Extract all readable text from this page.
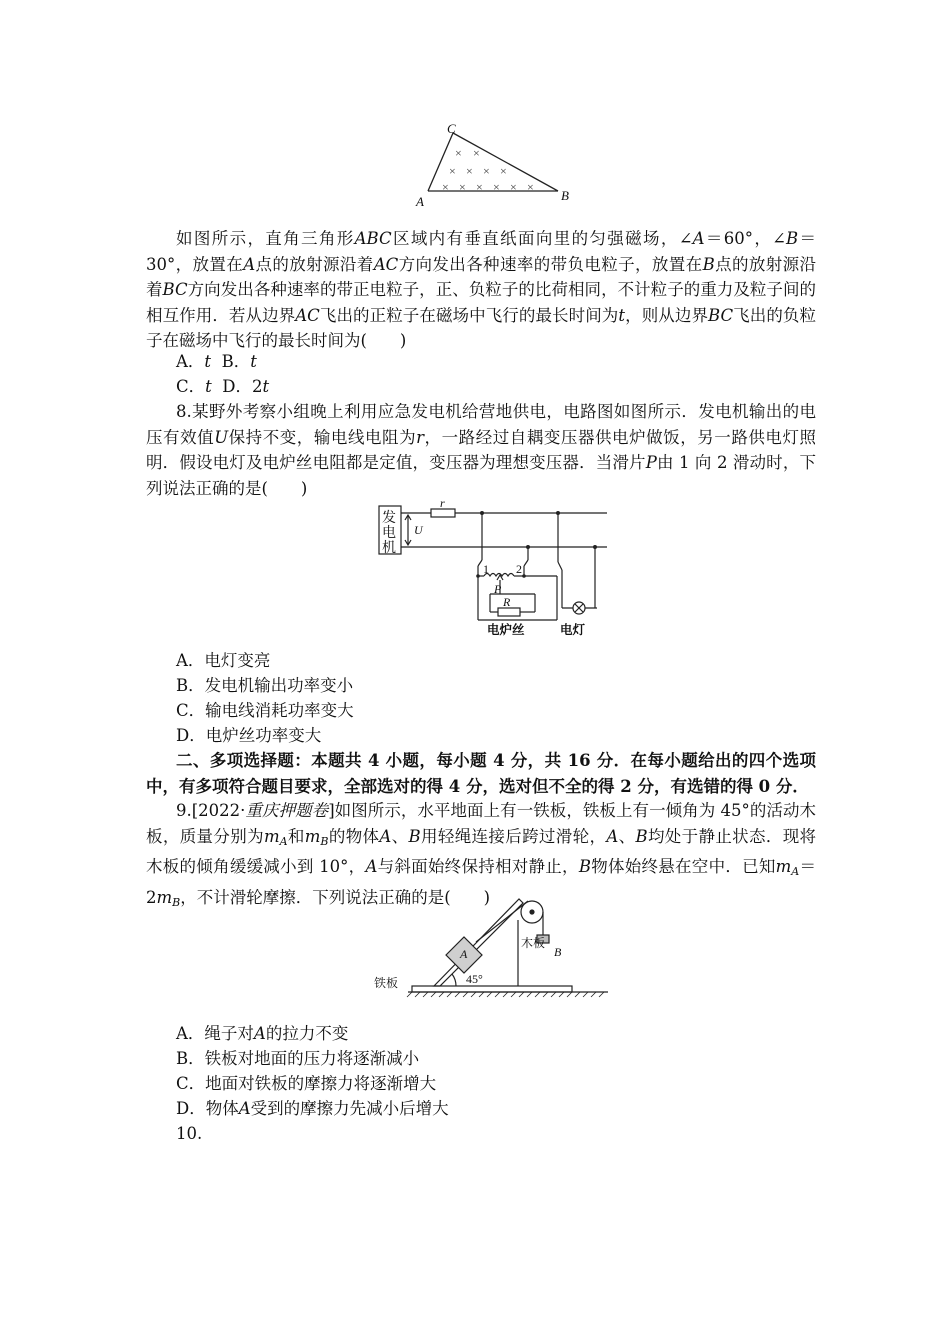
× ×
× × × ×
× × × × × ×
C
A	B

如图所示，直角三角形ABC区域内有垂直纸面向里的匀强磁场，∠A＝60°，∠B＝30°，放置在A点的放射源沿着AC方向发出各种速率的带负电粒子，放置在B点的放射源沿着BC方向发出各种速率的带正电粒子，正、负粒子的比荷相同，不计粒子的重力及粒子间的相互作用．若从边界AC飞出的正粒子在磁场中飞行的最长时间为t，则从边界BC飞出的负粒子在磁场中飞行的最长时间为(　　)

A．t B．t

C．t D．2t

8.某野外考察小组晚上利用应急发电机给营地供电，电路图如图所示．发电机输出的电压有效值U保持不变，输电线电阻为r，一路经过自耦变压器供电炉做饭，另一路供电灯照明．假设电灯及电炉丝电阻都是定值，变压器为理想变压器．当滑片P由 1 向 2 滑动时，下列说法正确的是(　　)

发
电
机
r
U
P
R
1 2
电炉丝	电灯

A．电灯变亮

B．发电机输出功率变小

C．输电线消耗功率变大

D．电炉丝功率变大

二、多项选择题：本题共 4 小题，每小题 4 分，共 16 分．在每小题给出的四个选项中，有多项符合题目要求，全部选对的得 4 分，选对但不全的得 2 分，有选错的得 0 分．

9.[2022·重庆押题卷]如图所示，水平地面上有一铁板，铁板上有一倾角为 45°的活动木板，质量分别为$m_A$和$m_B$的物体A、B用轻绳连接后跨过滑轮，A、B均处于静止状态．现将木板的倾角缓缓减小到 10°，A与斜面始终保持相对静止，B物体始终悬在空中．已知$m_A=2m_B$，不计滑轮摩擦．下列说法正确的是(　　)

A	B
木板
45°
铁板

A．绳子对A的拉力不变

B．铁板对地面的压力将逐渐减小

C．地面对铁板的摩擦力将逐渐增大

D．物体A受到的摩擦力先减小后增大

10.
